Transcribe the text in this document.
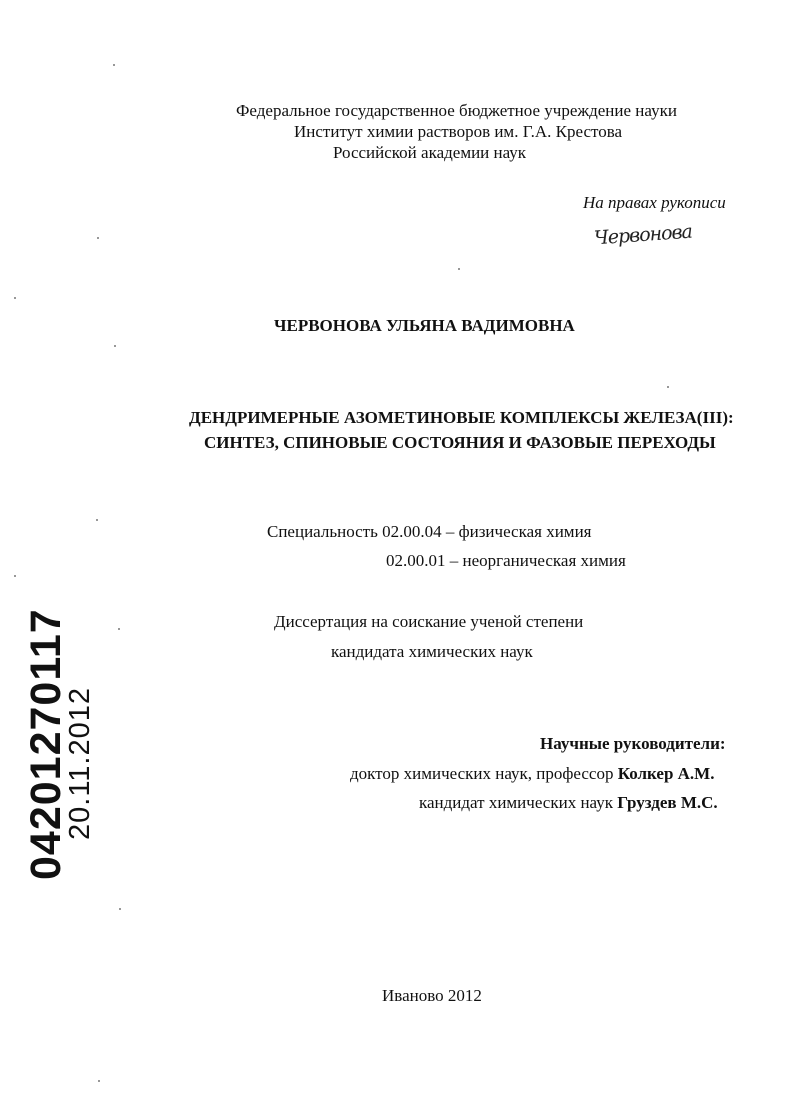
Федеральное государственное бюджетное учреждение науки
Институт химии растворов им. Г.А. Крестова
Российской академии наук
На правах рукописи
Червонова
ЧЕРВОНОВА УЛЬЯНА ВАДИМОВНА
ДЕНДРИМЕРНЫЕ АЗОМЕТИНОВЫЕ КОМПЛЕКСЫ ЖЕЛЕЗА(III):
СИНТЕЗ, СПИНОВЫЕ СОСТОЯНИЯ И ФАЗОВЫЕ ПЕРЕХОДЫ
Специальность 02.00.04 – физическая химия
02.00.01 – неорганическая химия
Диссертация на соискание ученой степени
кандидата химических наук
Научные руководители:
доктор химических наук, профессор Колкер А.М.
кандидат химических наук Груздев М.С.
Иваново 2012
04201270117
20.11.2012
